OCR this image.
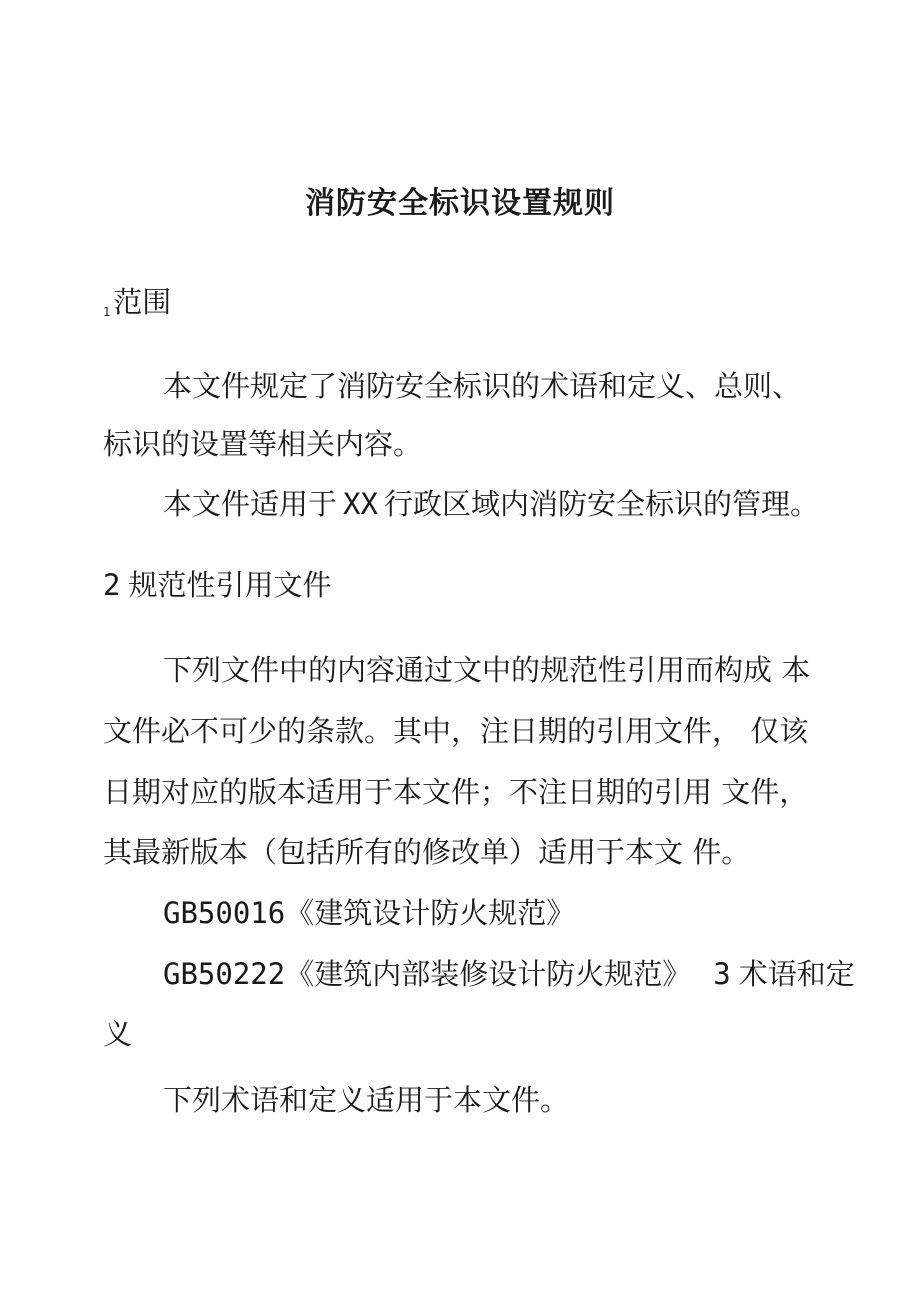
消防安全标识设置规则
1 范围
本文件规定了消防安全标识的术语和定义、总则、
标识的设置等相关内容。
本文件适用于 XX 行政区域内消防安全标识的管理。
2 规范性引用文件
下列文件中的内容通过文中的规范性引用而构成 本
文件必不可少的条款。其中，注日期的引用文件， 仅该
日期对应的版本适用于本文件；不注日期的引用 文件，
其最新版本（包括所有的修改单）适用于本文 件。
GB50016《建筑设计防火规范》
GB50222《建筑内部装修设计防火规范》 3 术语和定
义
下列术语和定义适用于本文件。
